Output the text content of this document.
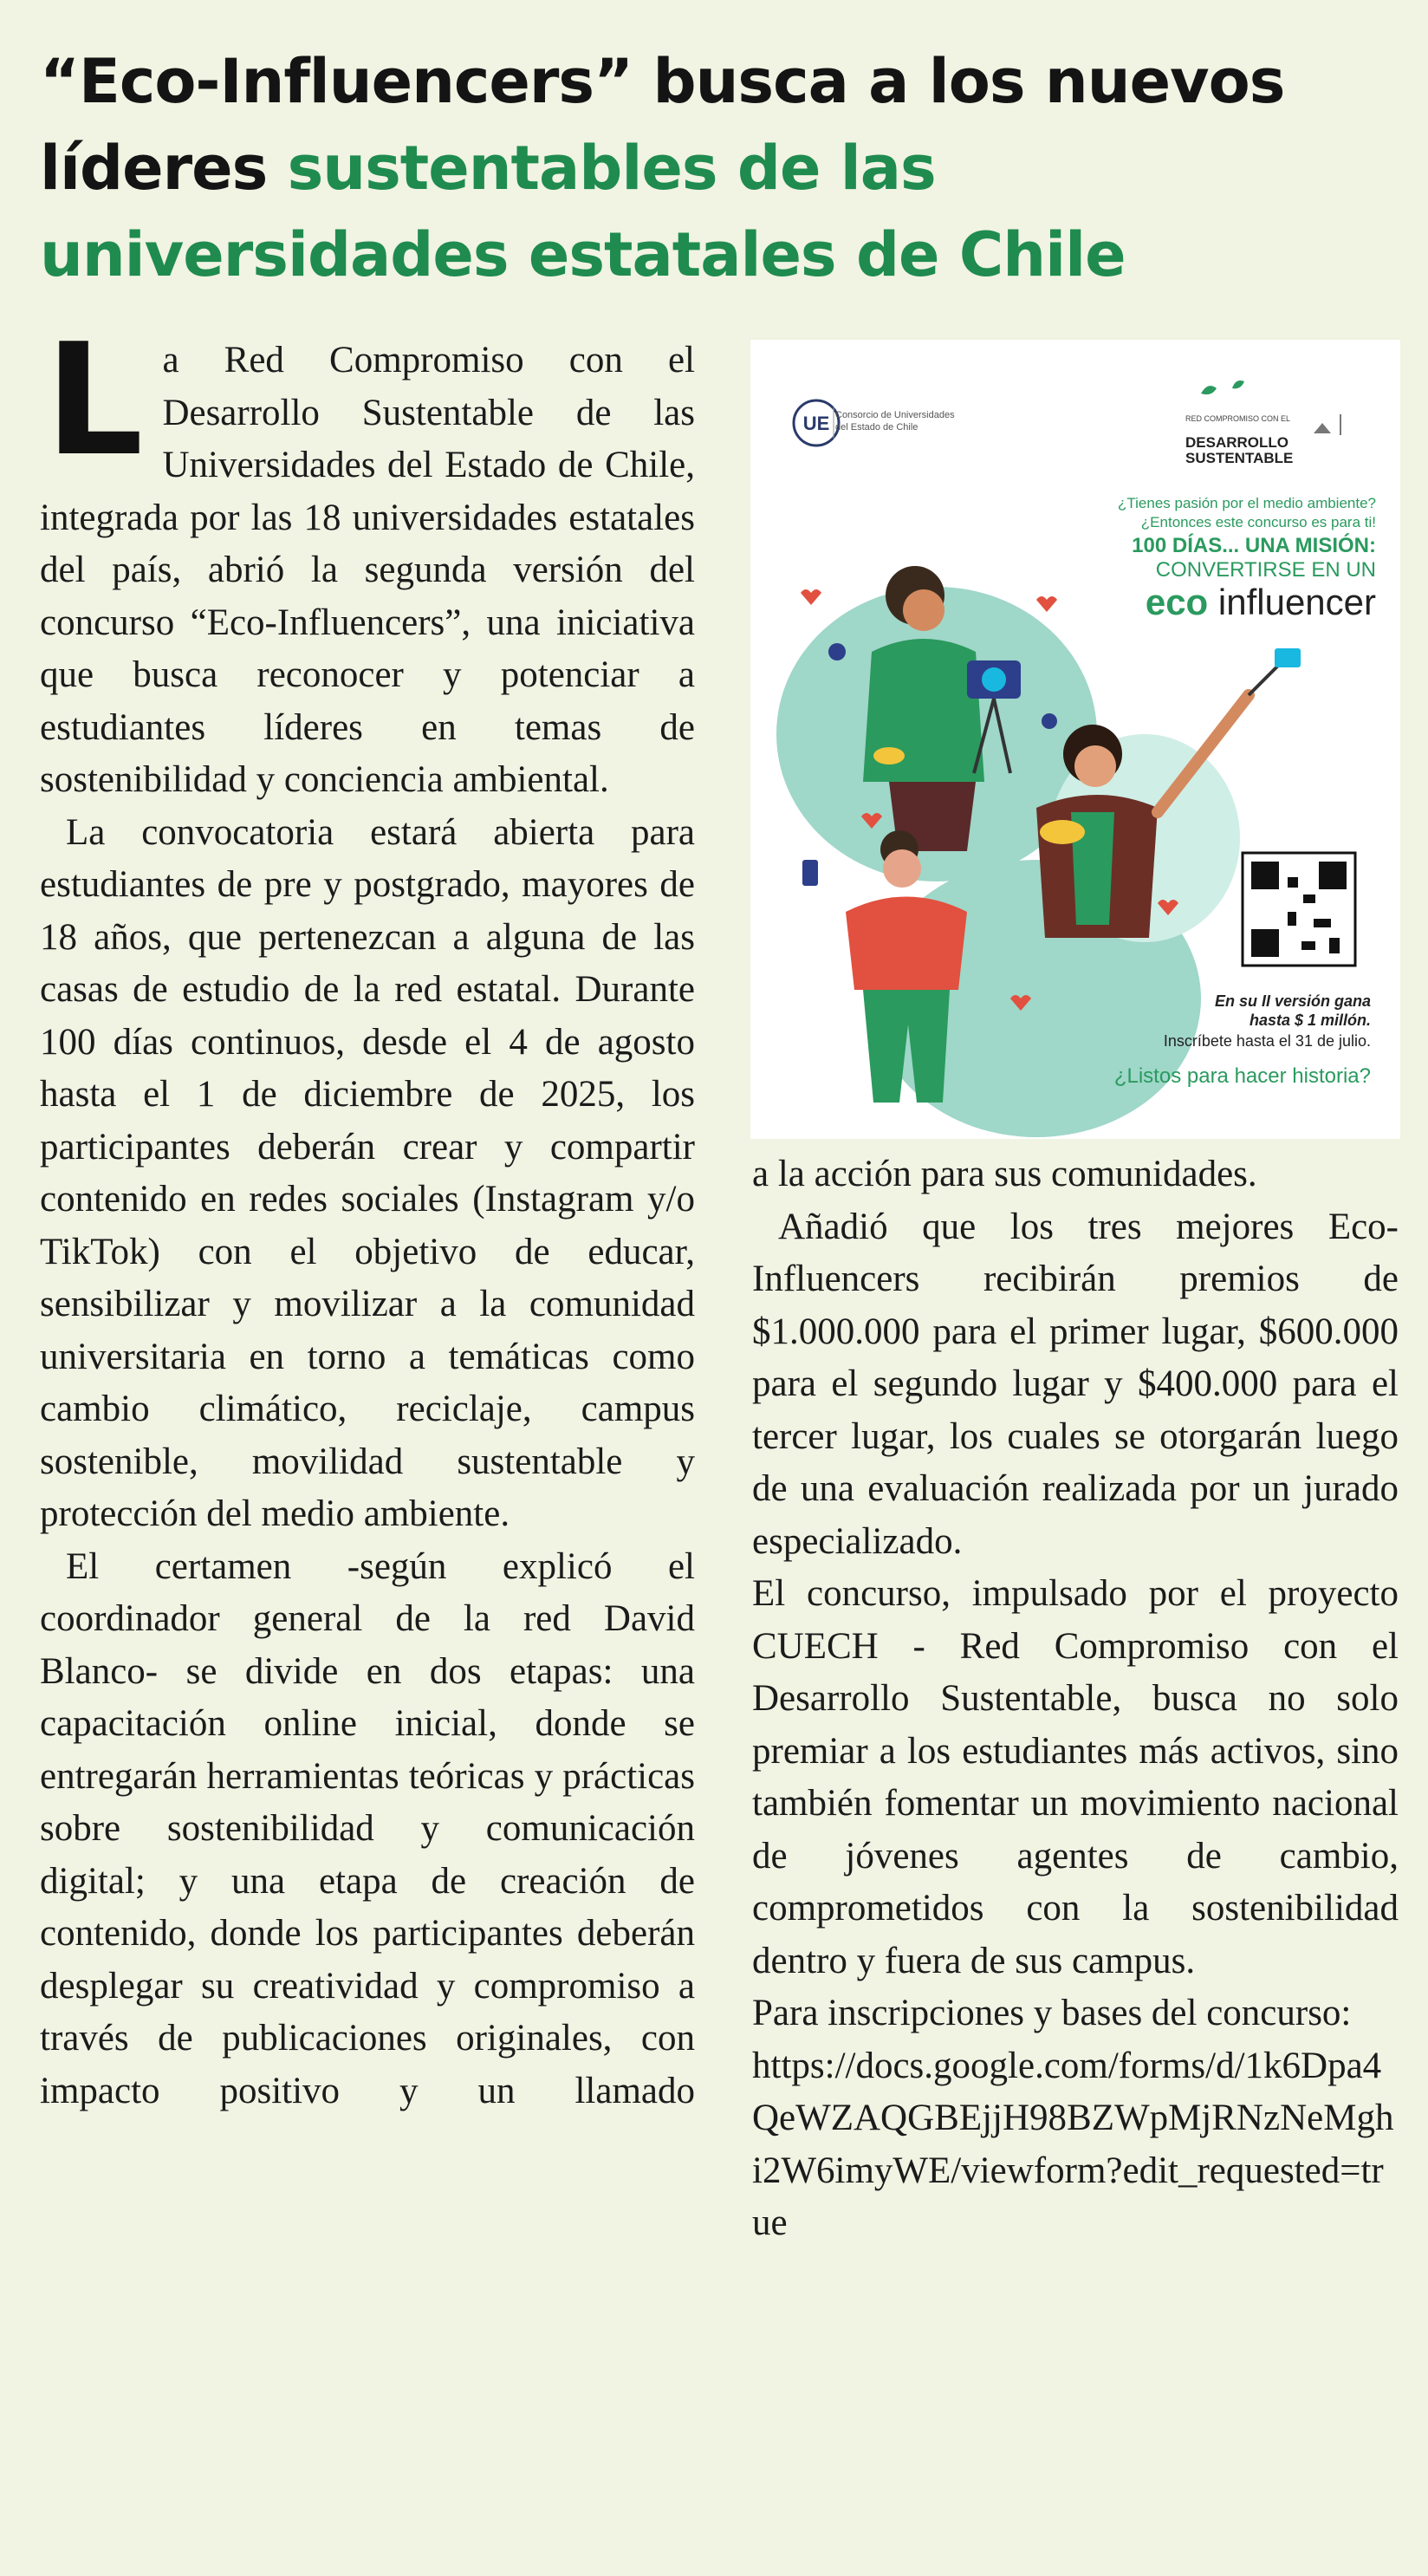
“Eco-Influencers” busca a los nuevos líderes sustentables de las universidades estatales de Chile

La Red Compromiso con el Desarrollo Sustentable de las Universidades del Estado de Chile, integrada por las 18 universidades estatales del país, abrió la segunda versión del concurso “Eco-Influencers”, una iniciativa que busca reconocer y potenciar a estudiantes líderes en temas de sostenibilidad y conciencia ambiental.

La convocatoria estará abierta para estudiantes de pre y postgrado, mayores de 18 años, que pertenezcan a alguna de las casas de estudio de la red estatal. Durante 100 días continuos, desde el 4 de agosto hasta el 1 de diciembre de 2025, los participantes deberán crear y compartir contenido en redes sociales (Instagram y/o TikTok) con el objetivo de educar, sensibilizar y movilizar a la comunidad universitaria en torno a temáticas como cambio climático, reciclaje, campus sostenible, movilidad sustentable y protección del medio ambiente.

El certamen -según explicó el coordinador general de la red David Blanco- se divide en dos etapas: una capacitación online inicial, donde se entregarán herramientas teóricas y prácticas sobre sostenibilidad y comunicación digital; y una etapa de creación de contenido, donde los participantes deberán desplegar su creatividad y compromiso a través de publicaciones originales, con impacto positivo y un llamado

UE Consorcio de Universidades del Estado de Chile
RED COMPROMISO CON EL
DESARROLLO SUSTENTABLE
¿Tienes pasión por el medio ambiente?
¿Entonces este concurso es para ti!
100 DÍAS... UNA MISIÓN:
CONVERTIRSE EN UN
eco influencer
En su II versión gana
hasta $ 1 millón.
Inscríbete hasta el 31 de julio.
¿Listos para hacer historia?

a la acción para sus comunidades.

Añadió que los tres mejores Eco-Influencers recibirán premios de $1.000.000 para el primer lugar, $600.000 para el segundo lugar y $400.000 para el tercer lugar, los cuales se otorgarán luego de una evaluación realizada por un jurado especializado.

El concurso, impulsado por el proyecto CUECH - Red Compromiso con el Desarrollo Sustentable, busca no solo premiar a los estudiantes más activos, sino también fomentar un movimiento nacional de jóvenes agentes de cambio, comprometidos con la sostenibilidad dentro y fuera de sus campus.

Para inscripciones y bases del concurso:

https://docs.google.com/forms/d/1k6Dpa4QeWZAQGBEjjH98BZWpMjRNzNeMghi2W6imyWE/viewform?edit_requested=true
